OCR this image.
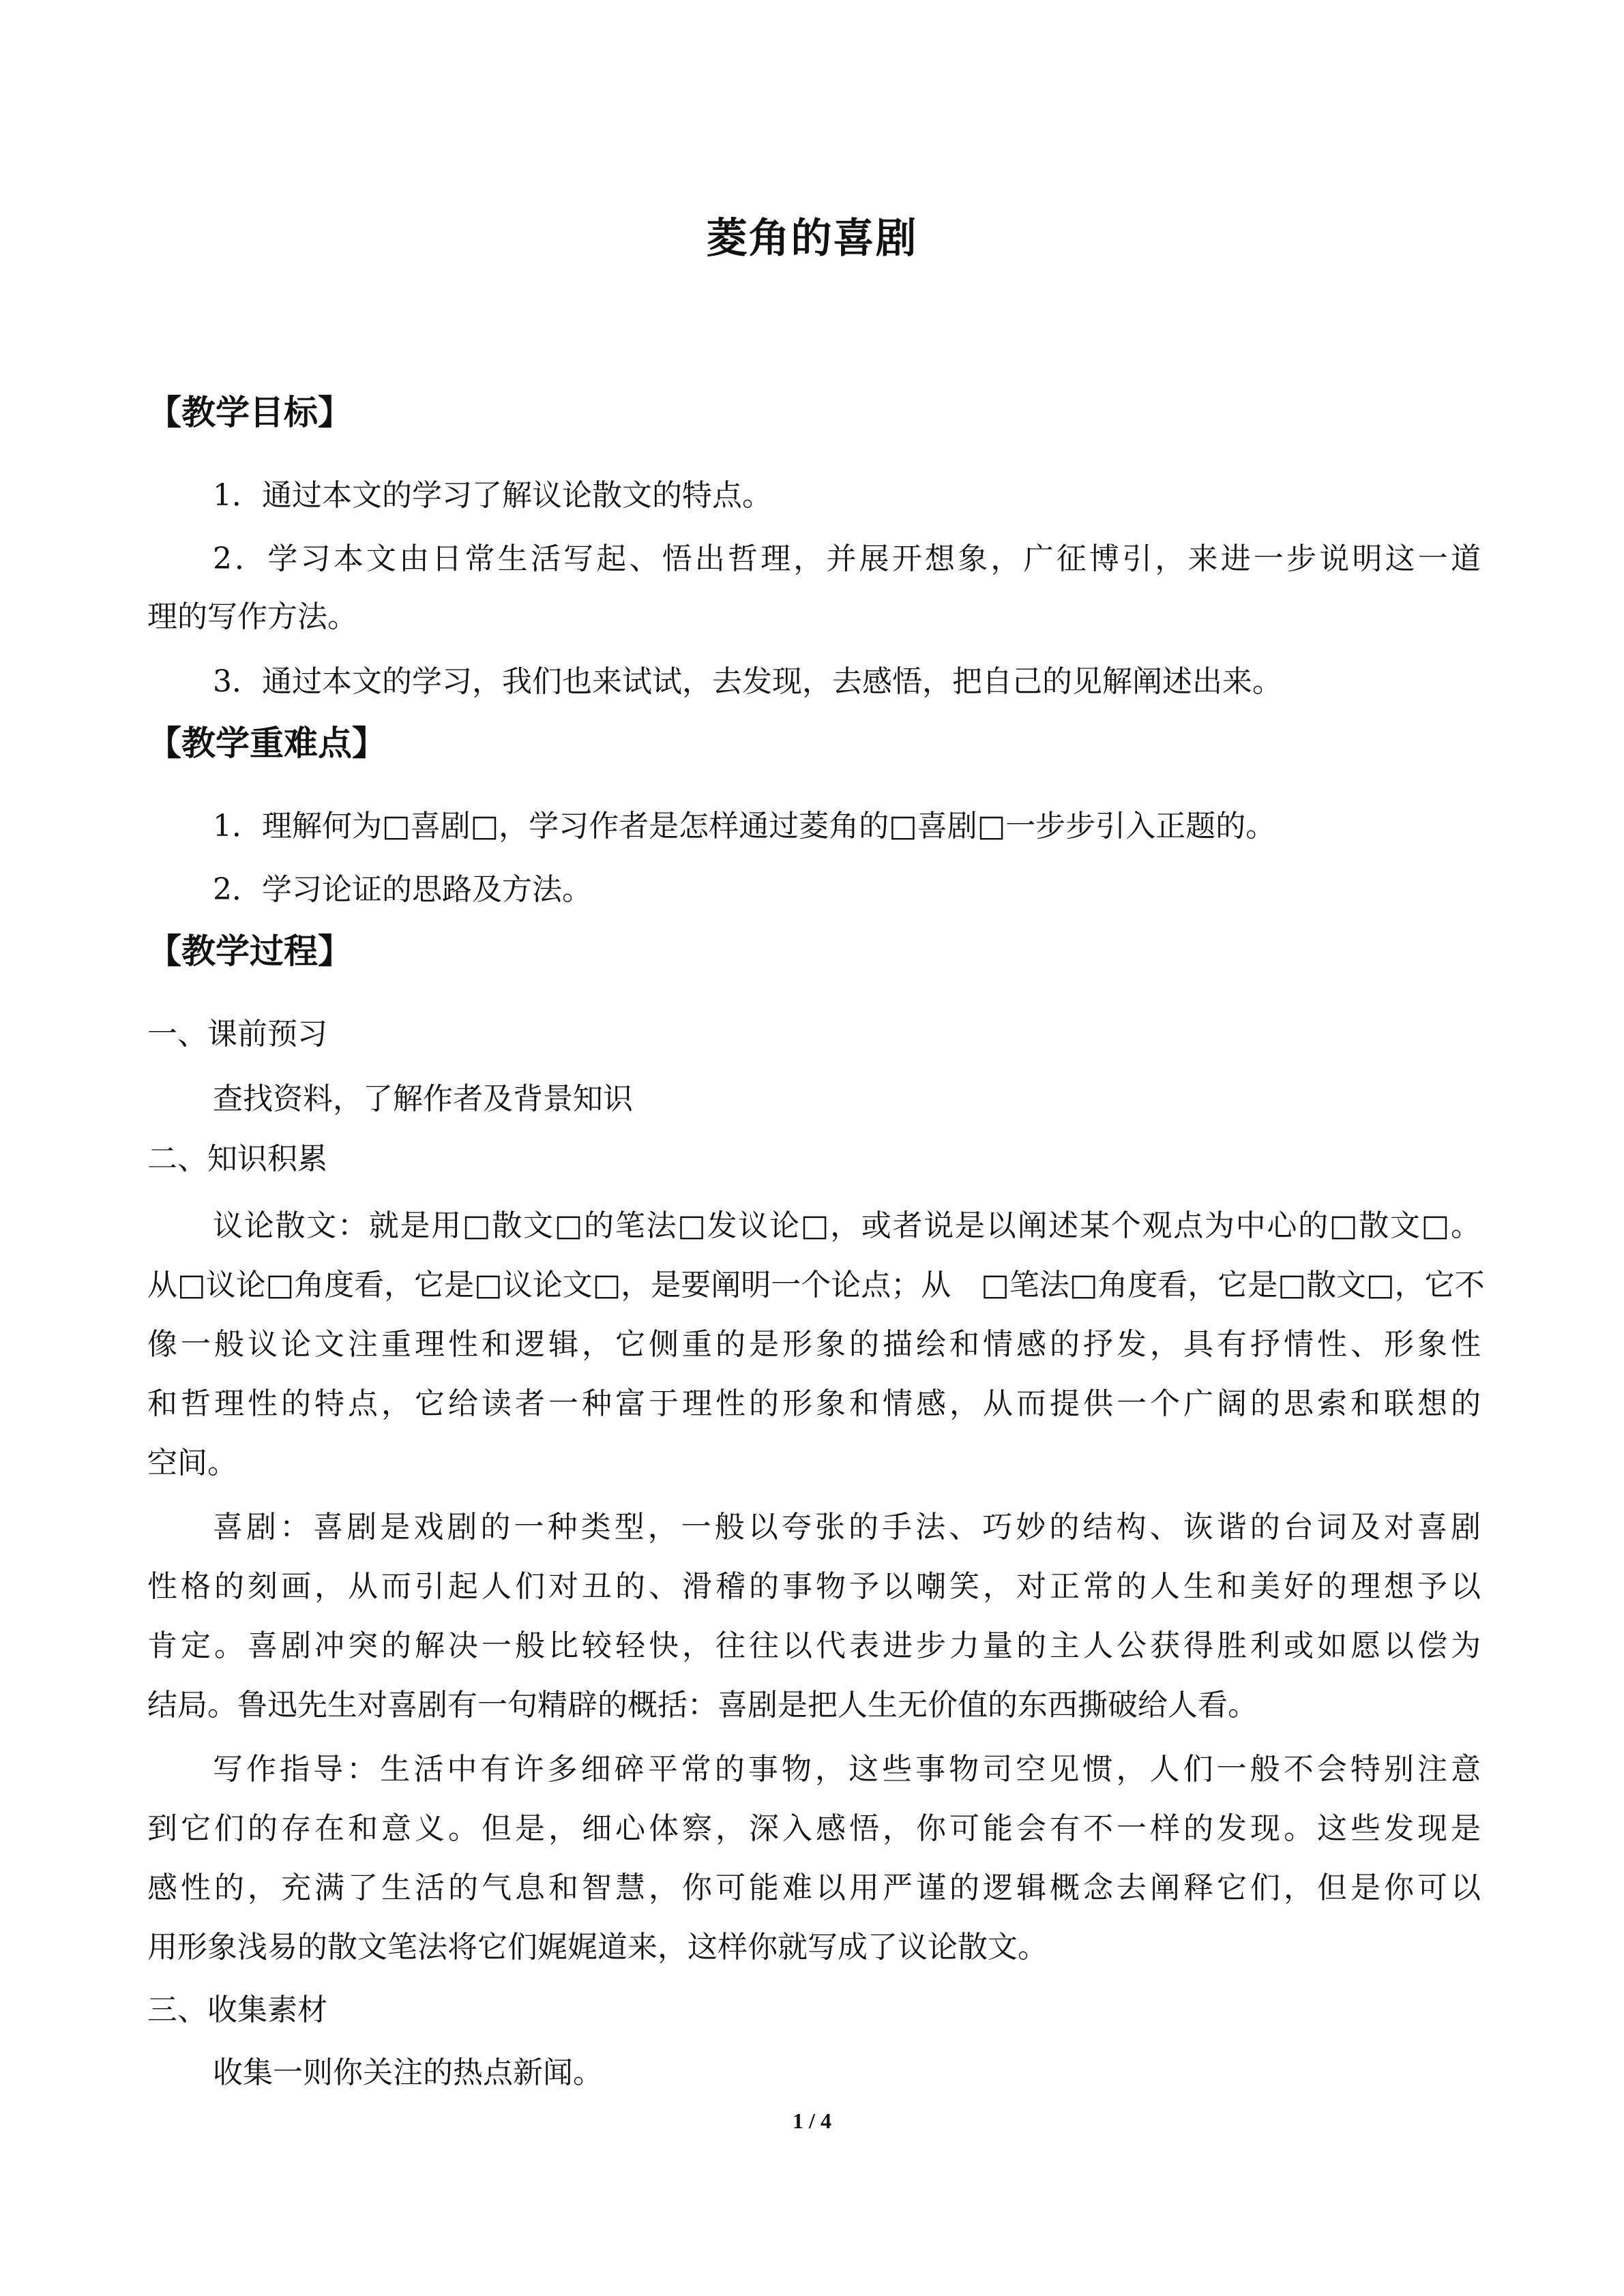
菱角的喜剧
【教学目标】
1．通过本文的学习了解议论散文的特点。
2．学习本文由日常生活写起、悟出哲理，并展开想象，广征博引，来进一步说明这一道
理的写作方法。
3．通过本文的学习，我们也来试试，去发现，去感悟，把自己的见解阐述出来。
【教学重难点】
1．理解何为□喜剧□，学习作者是怎样通过菱角的□喜剧□一步步引入正题的。
2．学习论证的思路及方法。
【教学过程】
一、课前预习
查找资料，了解作者及背景知识
二、知识积累
议论散文：就是用□散文□的笔法□发议论□，或者说是以阐述某个观点为中心的□散文□。
从□议论□角度看，它是□议论文□，是要阐明一个论点；从　□笔法□角度看，它是□散文□，它不
像一般议论文注重理性和逻辑，它侧重的是形象的描绘和情感的抒发，具有抒情性、形象性
和哲理性的特点，它给读者一种富于理性的形象和情感，从而提供一个广阔的思索和联想的
空间。
喜剧：喜剧是戏剧的一种类型，一般以夸张的手法、巧妙的结构、诙谐的台词及对喜剧
性格的刻画，从而引起人们对丑的、滑稽的事物予以嘲笑，对正常的人生和美好的理想予以
肯定。喜剧冲突的解决一般比较轻快，往往以代表进步力量的主人公获得胜利或如愿以偿为
结局。鲁迅先生对喜剧有一句精辟的概括：喜剧是把人生无价值的东西撕破给人看。
写作指导：生活中有许多细碎平常的事物，这些事物司空见惯，人们一般不会特别注意
到它们的存在和意义。但是，细心体察，深入感悟，你可能会有不一样的发现。这些发现是
感性的，充满了生活的气息和智慧，你可能难以用严谨的逻辑概念去阐释它们，但是你可以
用形象浅易的散文笔法将它们娓娓道来，这样你就写成了议论散文。
三、收集素材
收集一则你关注的热点新闻。
1 / 4
